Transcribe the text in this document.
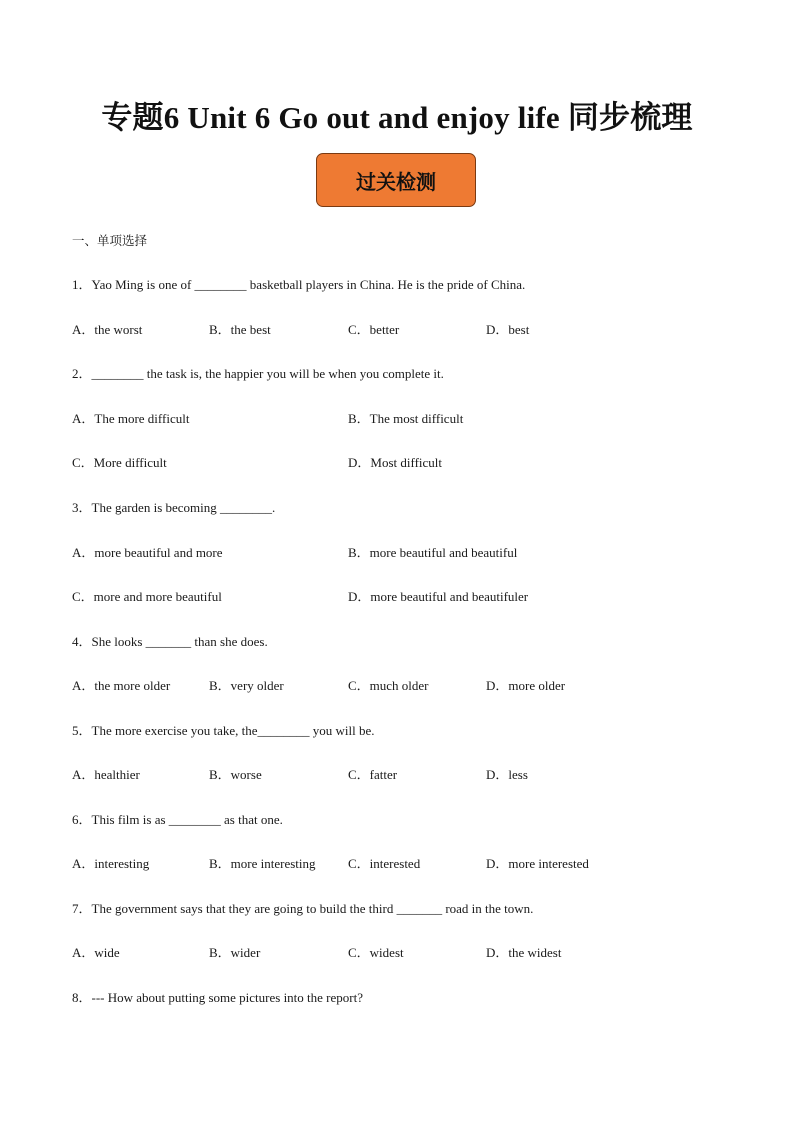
专题6 Unit 6 Go out and enjoy life 同步梳理
过关检测
一、单项选择
1．Yao Ming is one of ________ basketball players in China. He is the pride of China.
A．the worst	B．the best	C．better	D．best
2．________ the task is, the happier you will be when you complete it.
A．The more difficult	B．The most difficult
C．More difficult	D．Most difficult
3．The garden is becoming ________.
A．more beautiful and more	B．more beautiful and beautiful
C．more and more beautiful	D．more beautiful and beautifuler
4．She looks _______ than she does.
A．the more older	B．very older	C．much older	D．more older
5．The more exercise you take, the________ you will be.
A．healthier	B．worse	C．fatter	D．less
6．This film is as ________ as that one.
A．interesting	B．more interesting C．interested	D．more interested
7．The government says that they are going to build the third _______ road in the town.
A．wide	B．wider	C．widest	D．the widest
8．--- How about putting some pictures into the report?
